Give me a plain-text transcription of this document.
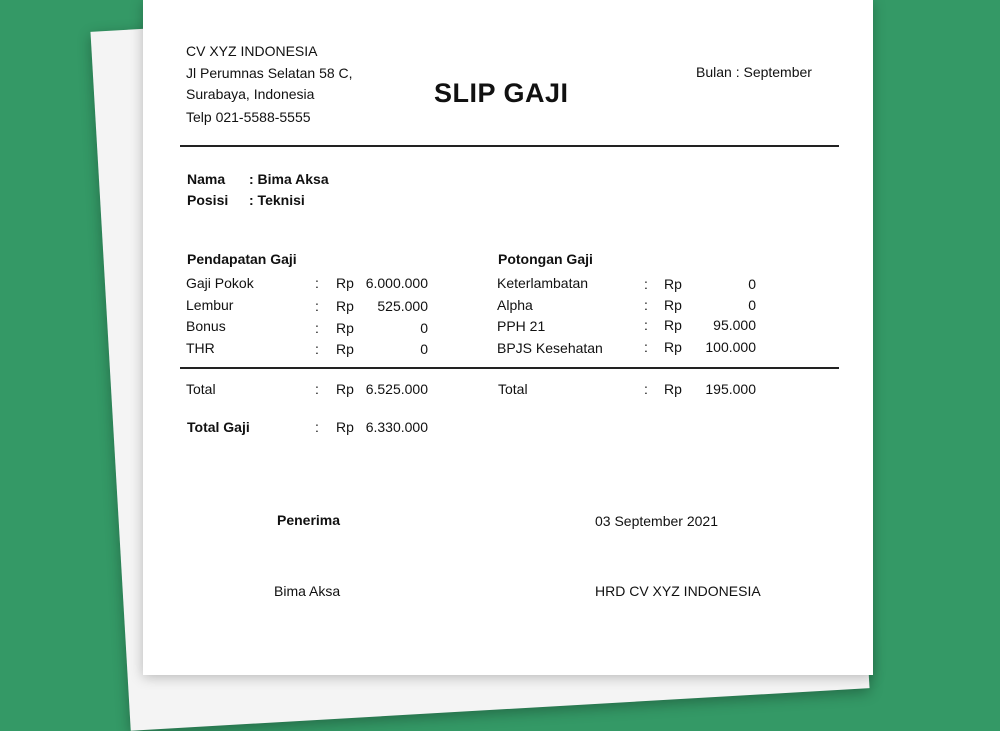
CV XYZ INDONESIA
Jl Perumnas Selatan 58 C,
Surabaya, Indonesia
Telp 021-5588-5555
SLIP GAJI
Bulan : September
Nama : Bima Aksa
Posisi : Teknisi
Pendapatan Gaji
Gaji Pokok	: Rp 6.000.000
Lembur	: Rp	525.000
Bonus	: Rp	0
THR	: Rp	0
Potongan Gaji
Keterlambatan	: Rp	0
Alpha	: Rp	0
PPH 21	: Rp	95.000
BPJS Kesehatan	: Rp	100.000
Total	: Rp 6.525.000	Total	: Rp	195.000
Total Gaji	: Rp 6.330.000
Penerima	03 September 2021
Bima Aksa	HRD CV XYZ INDONESIA
